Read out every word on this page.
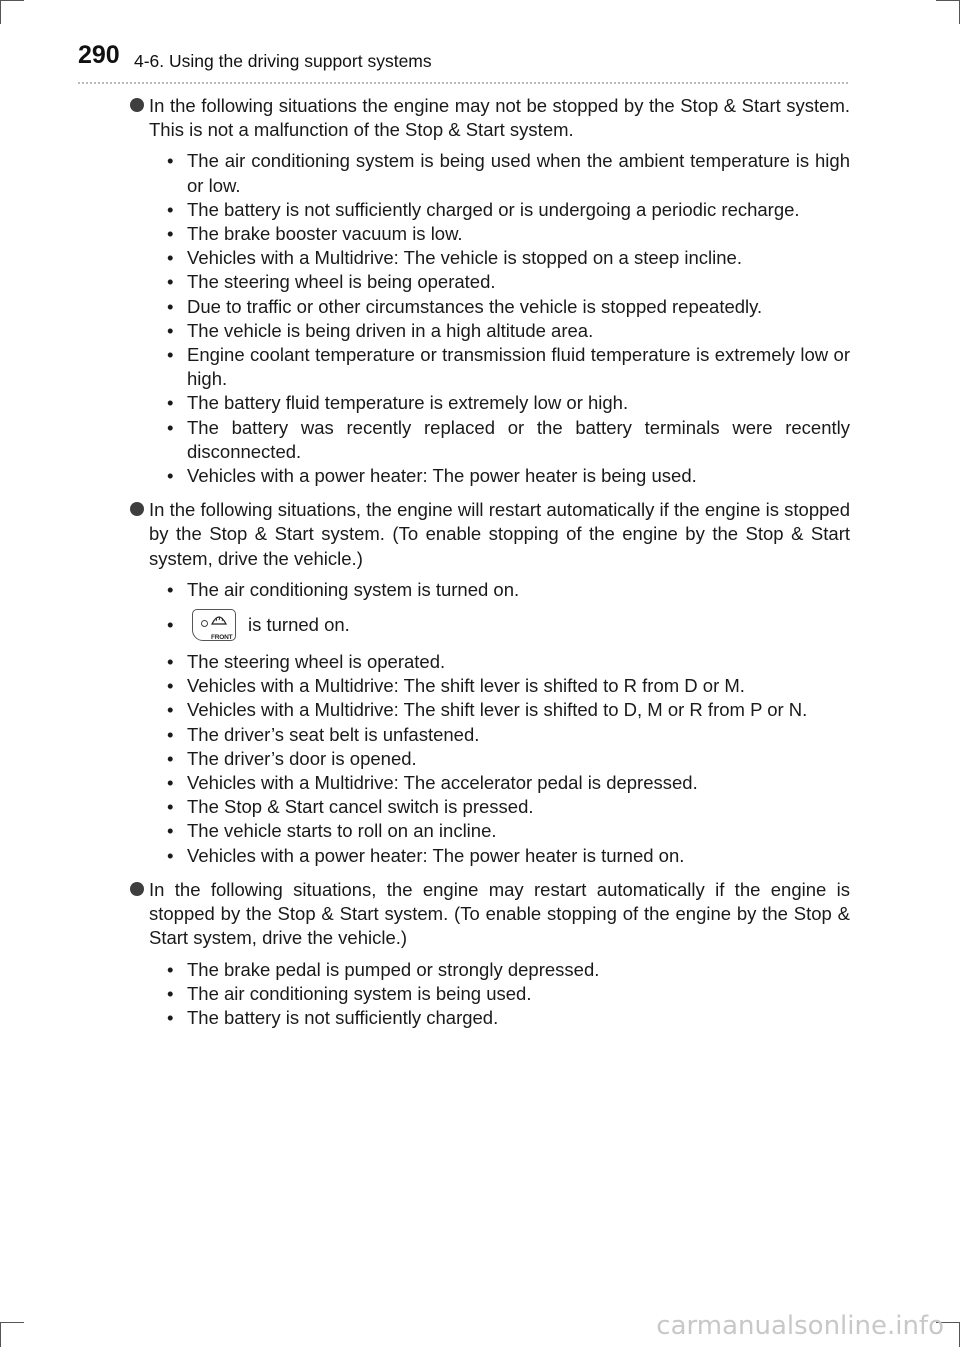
290 4-6. Using the driving support systems
In the following situations the engine may not be stopped by the Stop & Start system. This is not a malfunction of the Stop & Start system.
• The air conditioning system is being used when the ambient temperature is high or low.
• The battery is not sufficiently charged or is undergoing a periodic recharge.
• The brake booster vacuum is low.
• Vehicles with a Multidrive: The vehicle is stopped on a steep incline.
• The steering wheel is being operated.
• Due to traffic or other circumstances the vehicle is stopped repeatedly.
• The vehicle is being driven in a high altitude area.
• Engine coolant temperature or transmission fluid temperature is extremely low or high.
• The battery fluid temperature is extremely low or high.
• The battery was recently replaced or the battery terminals were recently disconnected.
• Vehicles with a power heater: The power heater is being used.
In the following situations, the engine will restart automatically if the engine is stopped by the Stop & Start system. (To enable stopping of the engine by the Stop & Start system, drive the vehicle.)
• The air conditioning system is turned on.
•
FRONT
is turned on.
• The steering wheel is operated.
• Vehicles with a Multidrive: The shift lever is shifted to R from D or M.
• Vehicles with a Multidrive: The shift lever is shifted to D, M or R from P or N.
• The driver’s seat belt is unfastened.
• The driver’s door is opened.
• Vehicles with a Multidrive: The accelerator pedal is depressed.
• The Stop & Start cancel switch is pressed.
• The vehicle starts to roll on an incline.
• Vehicles with a power heater: The power heater is turned on.
In the following situations, the engine may restart automatically if the engine is stopped by the Stop & Start system. (To enable stopping of the engine by the Stop & Start system, drive the vehicle.)
• The brake pedal is pumped or strongly depressed.
• The air conditioning system is being used.
• The battery is not sufficiently charged.
carmanualsonline.info
